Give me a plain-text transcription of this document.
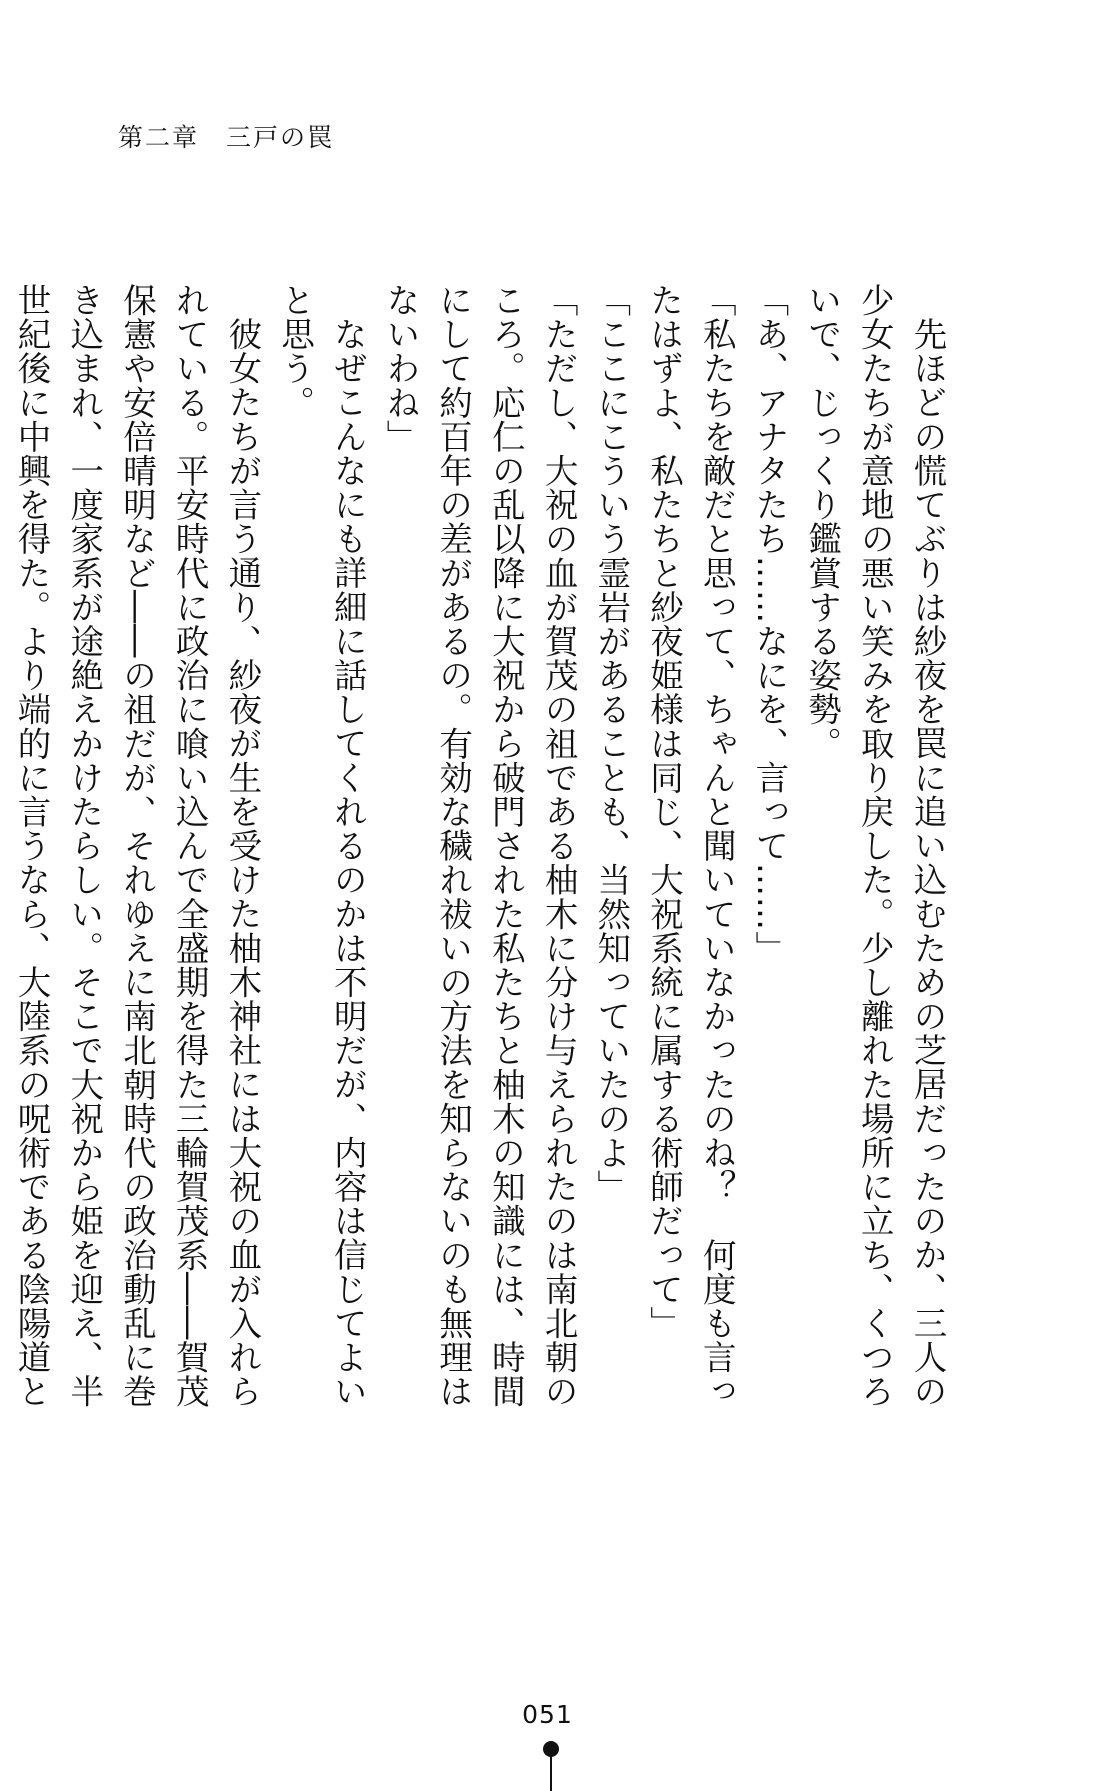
第二章　三戸の罠

先ほどの慌てぶりは紗夜を罠に追い込むための芝居だったのか、三人の少女たちが意地の悪い笑みを取り戻した。少し離れた場所に立ち、くつろいで、じっくり鑑賞する姿勢。

「あ、アナタたち……なにを、言って……」

「私たちを敵だと思って、ちゃんと聞いていなかったのね？　何度も言ったはずよ、私たちと紗夜姫様は同じ、大祝系統に属する術師だって」

「ここにこういう霊岩があることも、当然知っていたのよ」

「ただし、大祝の血が賀茂の祖である柚木に分け与えられたのは南北朝のころ。応仁の乱以降に大祝から破門された私たちと柚木の知識には、時間にして約百年の差があるの。有効な穢れ祓いの方法を知らないのも無理はないわね」

なぜこんなにも詳細に話してくれるのかは不明だが、内容は信じてよいと思う。

彼女たちが言う通り、紗夜が生を受けた柚木神社には大祝の血が入れられている。平安時代に政治に喰い込んで全盛期を得た三輪賀茂系――賀茂保憲や安倍晴明など――の祖だが、それゆえに南北朝時代の政治動乱に巻き込まれ、一度家系が途絶えかけたらしい。そこで大祝から姫を迎え、半世紀後に中興を得た。より端的に言うなら、大陸系の呪術である陰陽道と

051
